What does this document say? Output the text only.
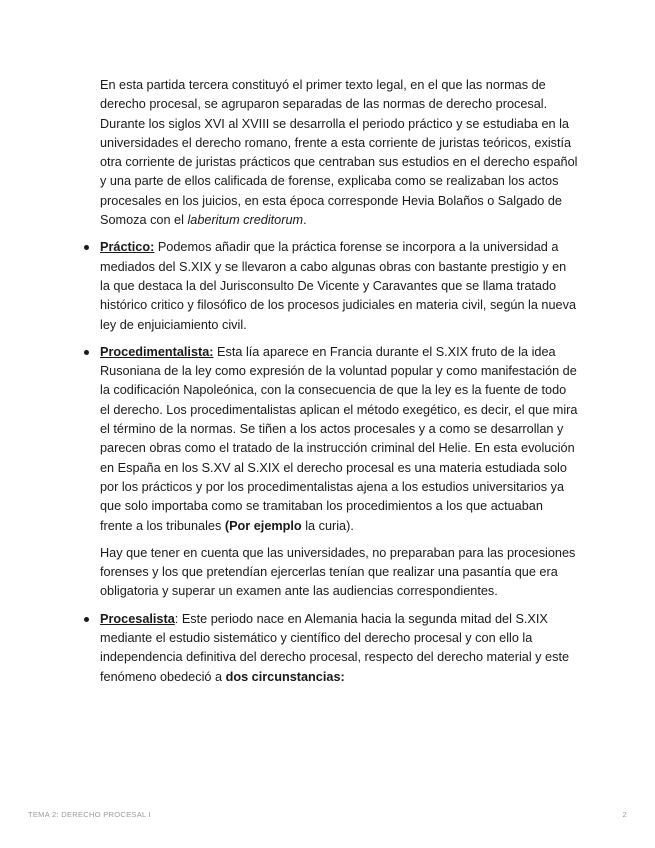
En esta partida tercera constituyó el primer texto legal, en el que las normas de derecho procesal, se agruparon separadas de las normas de derecho procesal. Durante los siglos XVI al XVIII se desarrolla el periodo práctico y se estudiaba en la universidades el derecho romano, frente a esta corriente de juristas teóricos, existía otra corriente de juristas prácticos que centraban sus estudios en el derecho español y una parte de ellos calificada de forense, explicaba como se realizaban los actos procesales en los juicios, en esta época corresponde Hevia Bolaños o Salgado de Somoza con el laberitum creditorum.

Práctico: Podemos añadir que la práctica forense se incorpora a la universidad a mediados del S.XIX y se llevaron a cabo algunas obras con bastante prestigio y en la que destaca la del Jurisconsulto De Vicente y Caravantes que se llama tratado histórico critico y filosófico de los procesos judiciales en materia civil, según la nueva ley de enjuiciamiento civil.
Procedimentalista: Esta lía aparece en Francia durante el S.XIX fruto de la idea Rusoniana de la ley como expresión de la voluntad popular y como manifestación de la codificación Napoleónica, con la consecuencia de que la ley es la fuente de todo el derecho. Los procedimentalistas aplican el método exegético, es decir, el que mira el término de la normas. Se tiñen a los actos procesales y a como se desarrollan y parecen obras como el tratado de la instrucción criminal del Helie. En esta evolución en España en los S.XV al S.XIX el derecho procesal es una materia estudiada solo por los prácticos y por los procedimentalistas ajena a los estudios universitarios ya que solo importaba como se tramitaban los procedimientos a los que actuaban frente a los tribunales (Por ejemplo la curia).

Hay que tener en cuenta que las universidades, no preparaban para las procesiones forenses y los que pretendían ejercerlas tenían que realizar una pasantía que era obligatoria y superar un examen ante las audiencias correspondientes.

Procesalista: Este periodo nace en Alemania hacia la segunda mitad del S.XIX mediante el estudio sistemático y científico del derecho procesal y con ello la independencia definitiva del derecho procesal, respecto del derecho material y este fenómeno obedeció a dos circunstancias:
TEMA 2: DERECHO PROCESAL I	2
